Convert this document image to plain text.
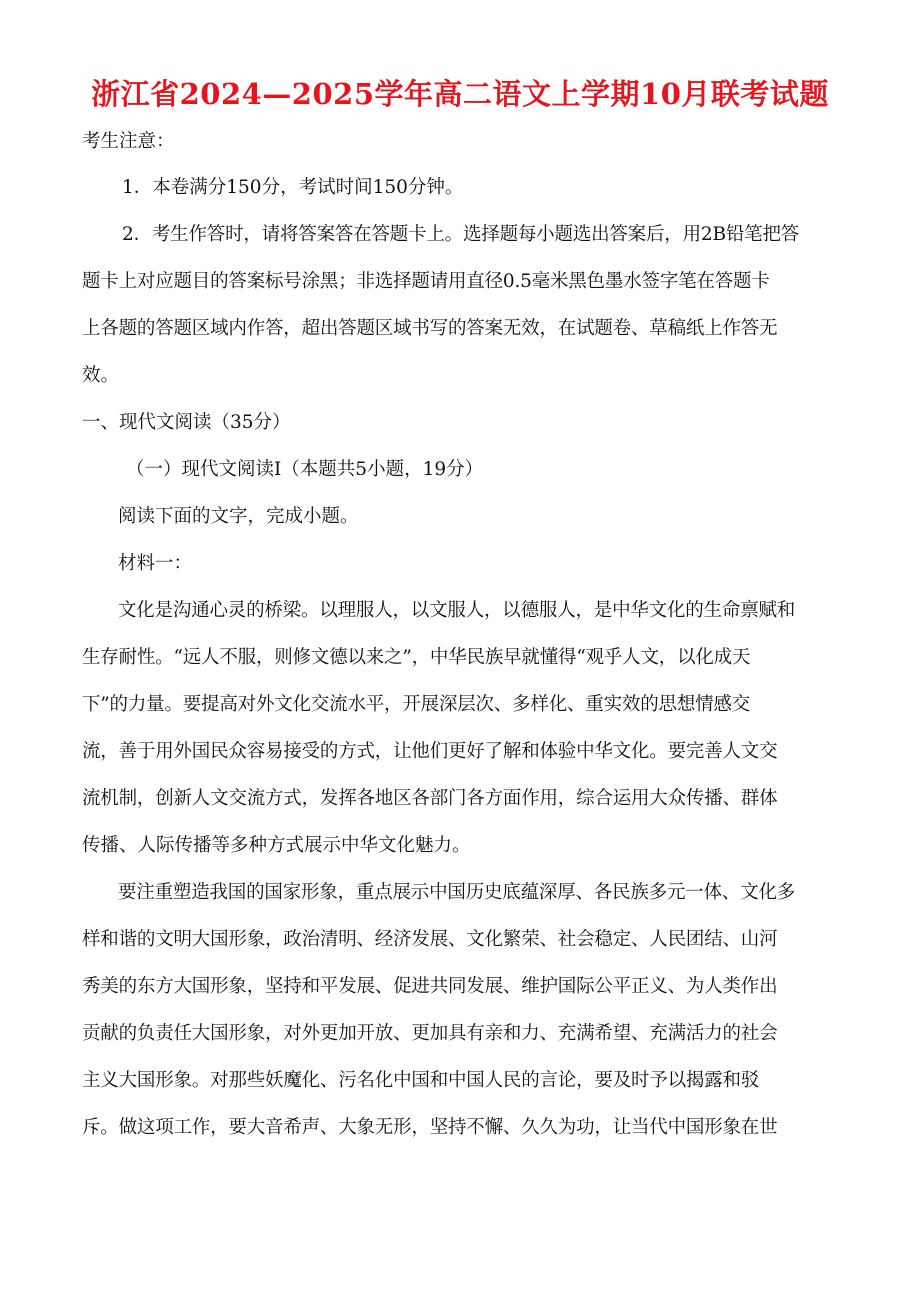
浙江省2024—2025学年高二语文上学期10月联考试题

考生注意：

1．本卷满分150分，考试时间150分钟。

2．考生作答时，请将答案答在答题卡上。选择题每小题选出答案后，用2B铅笔把答

题卡上对应题目的答案标号涂黑；非选择题请用直径0.5毫米黑色墨水签字笔在答题卡

上各题的答题区域内作答，超出答题区域书写的答案无效，在试题卷、草稿纸上作答无

效。

一、现代文阅读（35分）

（一）现代文阅读Ⅰ（本题共5小题，19分）

阅读下面的文字，完成小题。

材料一：

文化是沟通心灵的桥梁。以理服人，以文服人，以德服人，是中华文化的生命禀赋和

生存耐性。“远人不服，则修文德以来之”，中华民族早就懂得“观乎人文，以化成天

下”的力量。要提高对外文化交流水平，开展深层次、多样化、重实效的思想情感交

流，善于用外国民众容易接受的方式，让他们更好了解和体验中华文化。要完善人文交

流机制，创新人文交流方式，发挥各地区各部门各方面作用，综合运用大众传播、群体

传播、人际传播等多种方式展示中华文化魅力。

要注重塑造我国的国家形象，重点展示中国历史底蕴深厚、各民族多元一体、文化多

样和谐的文明大国形象，政治清明、经济发展、文化繁荣、社会稳定、人民团结、山河

秀美的东方大国形象，坚持和平发展、促进共同发展、维护国际公平正义、为人类作出

贡献的负责任大国形象，对外更加开放、更加具有亲和力、充满希望、充满活力的社会

主义大国形象。对那些妖魔化、污名化中国和中国人民的言论，要及时予以揭露和驳

斥。做这项工作，要大音希声、大象无形，坚持不懈、久久为功，让当代中国形象在世
